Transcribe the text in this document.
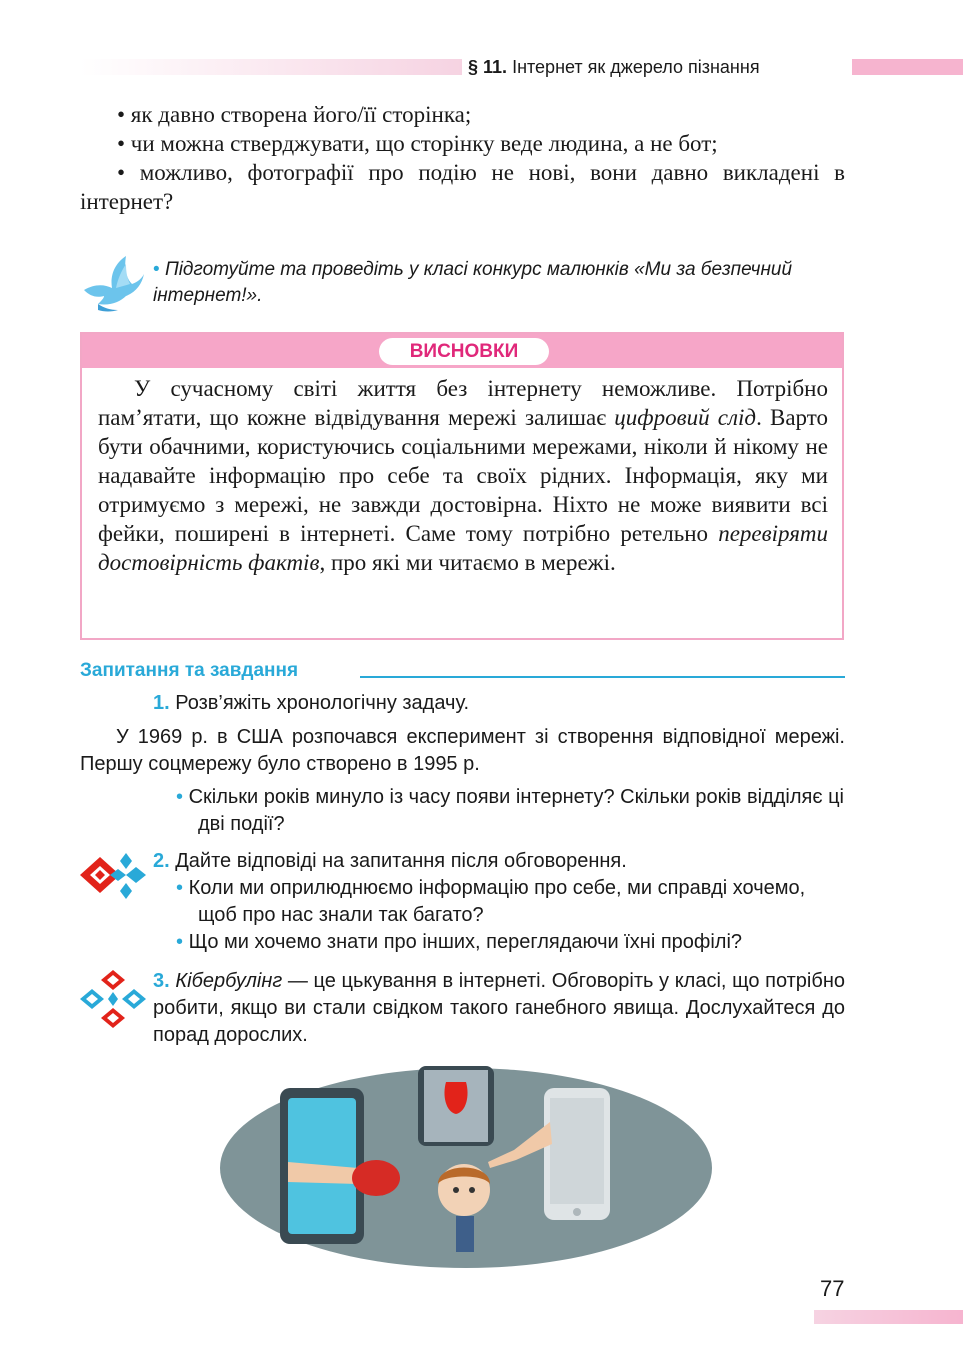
§ 11. Інтернет як джерело пізнання

• як давно створена його/її сторінка;

• чи можна стверджувати, що сторінку веде людина, а не бот;

• можливо, фотографії про подію не нові, вони давно викладені в інтернет?

• Підготуйте та проведіть у класі конкурс малюнків «Ми за безпечний інтернет!».
ВИСНОВКИ

У сучасному світі життя без інтернету неможливе. Потрібно пам’ятати, що кожне відвідування мережі залишає цифровий слід. Варто бути обачними, користуючись соціальними мережами, ніколи й нікому не надавайте інформацію про себе та своїх рідних. Інформація, яку ми отримуємо з мережі, не завжди достовірна. Ніхто не може виявити всі фейки, поширені в інтернеті. Саме тому потрібно ретельно перевіряти достовірність фактів, про які ми читаємо в мережі.

Запитання та завдання
1. Розв’яжіть хронологічну задачу.

У 1969 р. в США розпочався експеримент зі створення відповідної мережі. Першу соцмережу було створено в 1995 р.

• Скільки років минуло із часу появи інтернету? Скільки років відділяє ці дві події?
2. Дайте відповіді на запитання після обговорення.
• Коли ми оприлюднюємо інформацію про себе, ми справді хочемо, щоб про нас знали так багато?
• Що ми хочемо знати про інших, переглядаючи їхні профілі?
3. Кібербулінг — це цькування в інтернеті. Обговоріть у класі, що потрібно робити, якщо ви стали свідком такого ганебного явища. Дослухайтеся до порад дорослих.
77
